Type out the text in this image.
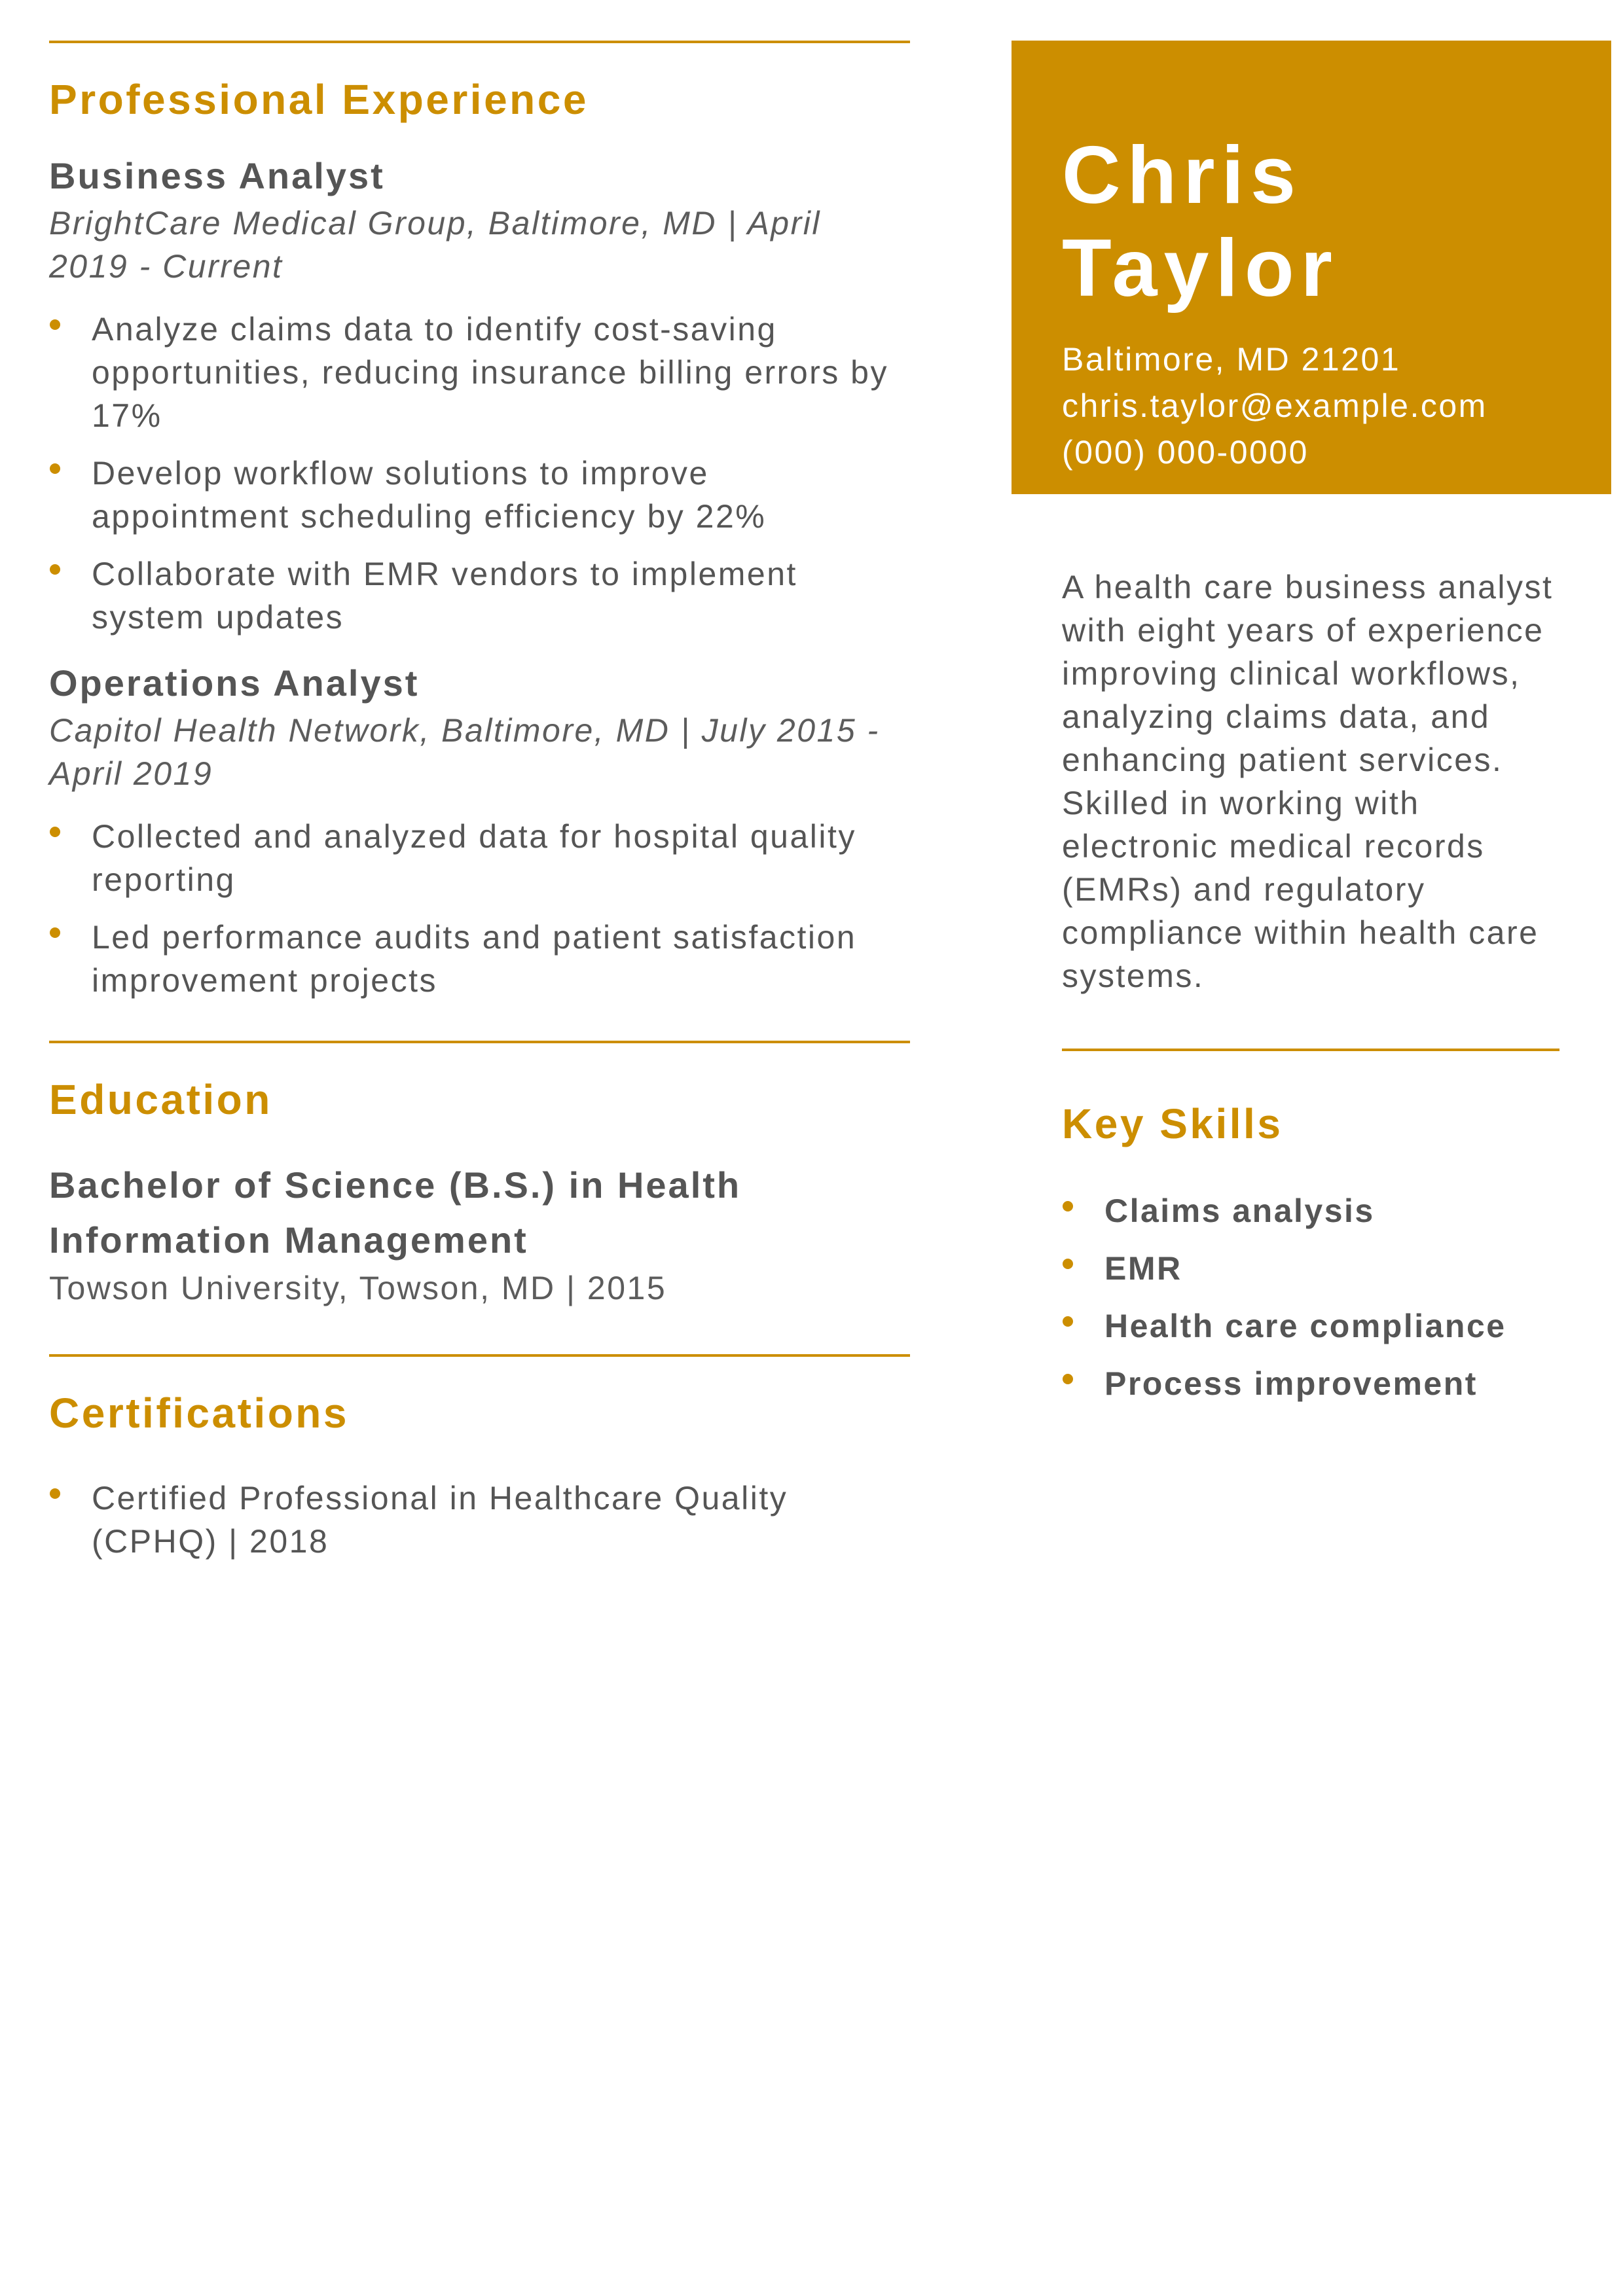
Professional Experience
Business Analyst

BrightCare Medical Group, Baltimore, MD | April 2019 - Current

Analyze claims data to identify cost-saving opportunities, reducing insurance billing errors by 17%
Develop workflow solutions to improve appointment scheduling efficiency by 22%
Collaborate with EMR vendors to implement system updates
Operations Analyst

Capitol Health Network, Baltimore, MD | July 2015 - April 2019

Collected and analyzed data for hospital quality reporting
Led performance audits and patient satisfaction improvement projects
Education

Bachelor of Science (B.S.) in Health Information Management

Towson University, Towson, MD | 2015

Certifications
Certified Professional in Healthcare Quality (CPHQ) | 2018
Chris
Taylor
Baltimore, MD 21201
chris.taylor@example.com
(000) 000-0000

A health care business analyst with eight years of experience improving clinical workflows, analyzing claims data, and enhancing patient services. Skilled in working with electronic medical records (EMRs) and regulatory compliance within health care systems.

Key Skills
Claims analysis
EMR
Health care compliance
Process improvement
